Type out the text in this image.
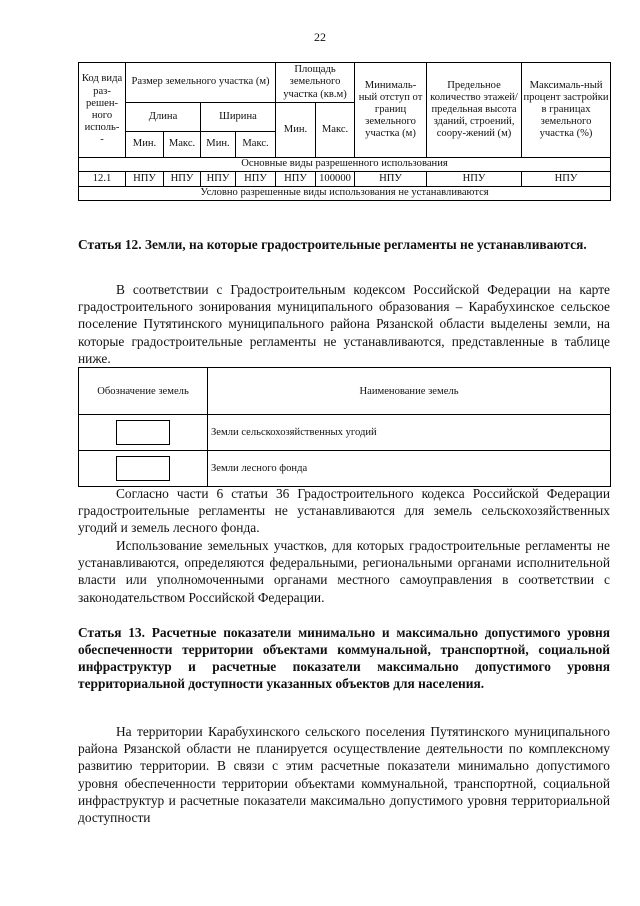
22
Код вида раз-решен-ного исполь-
-	Размер земельного участка (м)				Площадь земельного участка (кв.м)		Минималь-ный отступ от границ земельного участка (м)	Предельное количество этажей/ предельная высота зданий, строений, соору-жений (м)	Максималь-ный процент застройки в границах земельного участка (%)
	Длина		Ширина		Мин.	Макс.			
	Мин.	Макс.	Мин.	Макс.					
Основные виды разрешенного использования									
12.1	НПУ	НПУ	НПУ	НПУ	НПУ	100000	НПУ	НПУ	НПУ
Условно разрешенные виды использования не устанавливаются									
Статья 12. Земли, на которые градостроительные регламенты не устанавливаются.
В соответствии с Градостроительным кодексом Российской Федерации на карте градостроительного зонирования муниципального образования – Карабухинское сельское поселение Путятинского муниципального района Рязанской области выделены земли, на которые градостроительные регламенты не устанавливаются, представленные в таблице ниже.
Обозначение земель	Наименование земель

	Земли сельскохозяйственных угодий

	Земли лесного фонда
Согласно части 6 статьи 36 Градостроительного кодекса Российской Федерации градостроительные регламенты не устанавливаются для земель сельскохозяйственных угодий и земель лесного фонда.
Использование земельных участков, для которых градостроительные регламенты не устанавливаются, определяются федеральными, региональными органами исполнительной власти или уполномоченными органами местного самоуправления в соответствии с законодательством Российской Федерации.
Статья 13. Расчетные показатели минимально и максимально допустимого уровня обеспеченности территории объектами коммунальной, транспортной, социальной инфраструктур и расчетные показатели максимально допустимого уровня территориальной доступности указанных объектов для населения.
На территории Карабухинского сельского поселения Путятинского муниципального района Рязанской области не планируется осуществление деятельности по комплексному развитию территории. В связи с этим расчетные показатели минимально допустимого уровня обеспеченности территории объектами коммунальной, транспортной, социальной инфраструктур и расчетные показатели максимально допустимого уровня территориальной доступности
